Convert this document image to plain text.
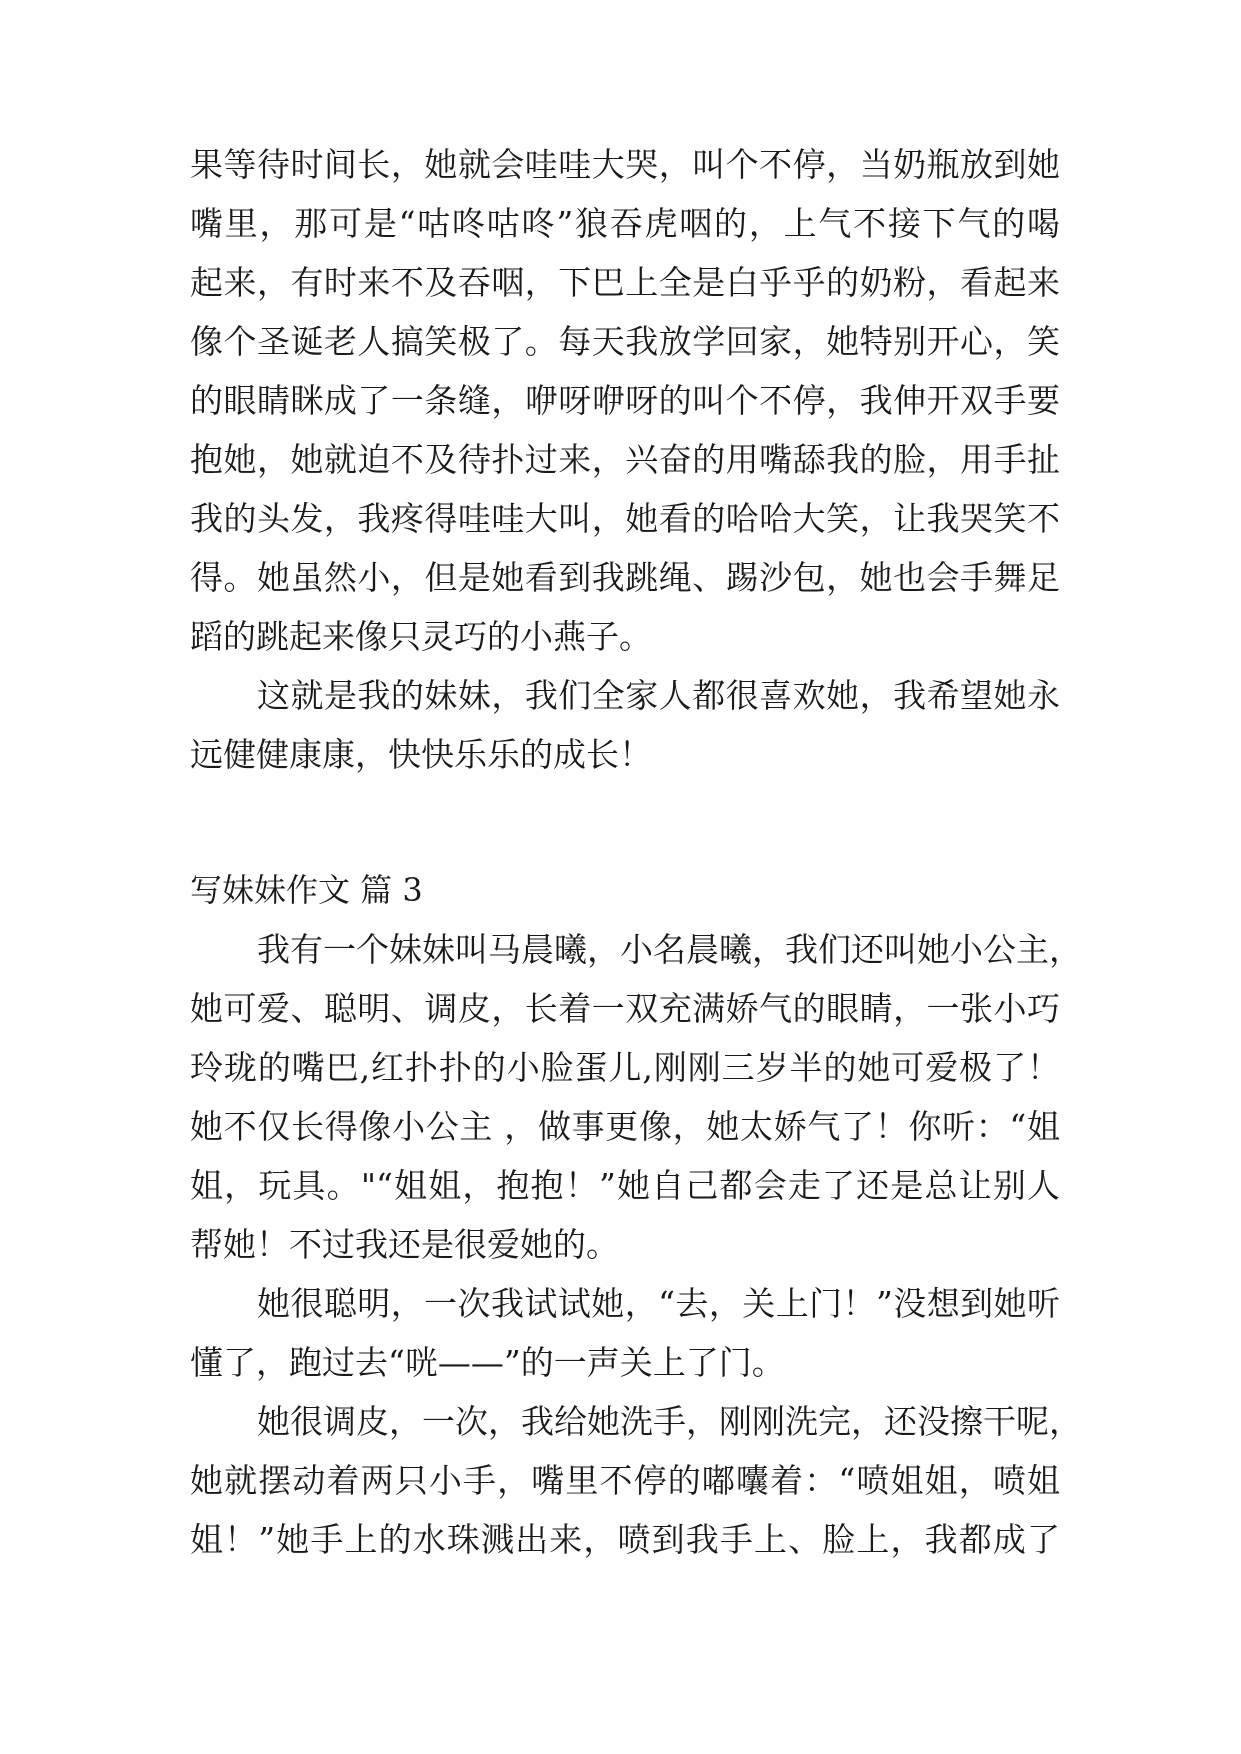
果等待时间长，她就会哇哇大哭，叫个不停，当奶瓶放到她
嘴里，那可是“咕咚咕咚”狼吞虎咽的，上气不接下气的喝
起来，有时来不及吞咽，下巴上全是白乎乎的奶粉，看起来
像个圣诞老人搞笑极了。每天我放学回家，她特别开心，笑
的眼睛眯成了一条缝，咿呀咿呀的叫个不停，我伸开双手要
抱她，她就迫不及待扑过来，兴奋的用嘴舔我的脸，用手扯
我的头发，我疼得哇哇大叫，她看的哈哈大笑，让我哭笑不
得。她虽然小，但是她看到我跳绳、踢沙包，她也会手舞足
蹈的跳起来像只灵巧的小燕子。
这就是我的妹妹，我们全家人都很喜欢她，我希望她永
远健健康康，快快乐乐的成长！
写妹妹作文 篇 3
我有一个妹妹叫马晨曦，小名晨曦，我们还叫她小公主，
她可爱、聪明、调皮，长着一双充满娇气的眼睛，一张小巧
玲珑的嘴巴,红扑扑的小脸蛋儿,刚刚三岁半的她可爱极了！
她不仅长得像小公主 ，做事更像，她太娇气了！你听：“姐
姐，玩具。"“姐姐，抱抱！”她自己都会走了还是总让别人
帮她！不过我还是很爱她的。
她很聪明，一次我试试她，“去，关上门！”没想到她听
懂了，跑过去“咣——”的一声关上了门。
她很调皮，一次，我给她洗手，刚刚洗完，还没擦干呢，
她就摆动着两只小手，嘴里不停的嘟囔着：“喷姐姐，喷姐
姐！”她手上的水珠溅出来，喷到我手上、脸上，我都成了
